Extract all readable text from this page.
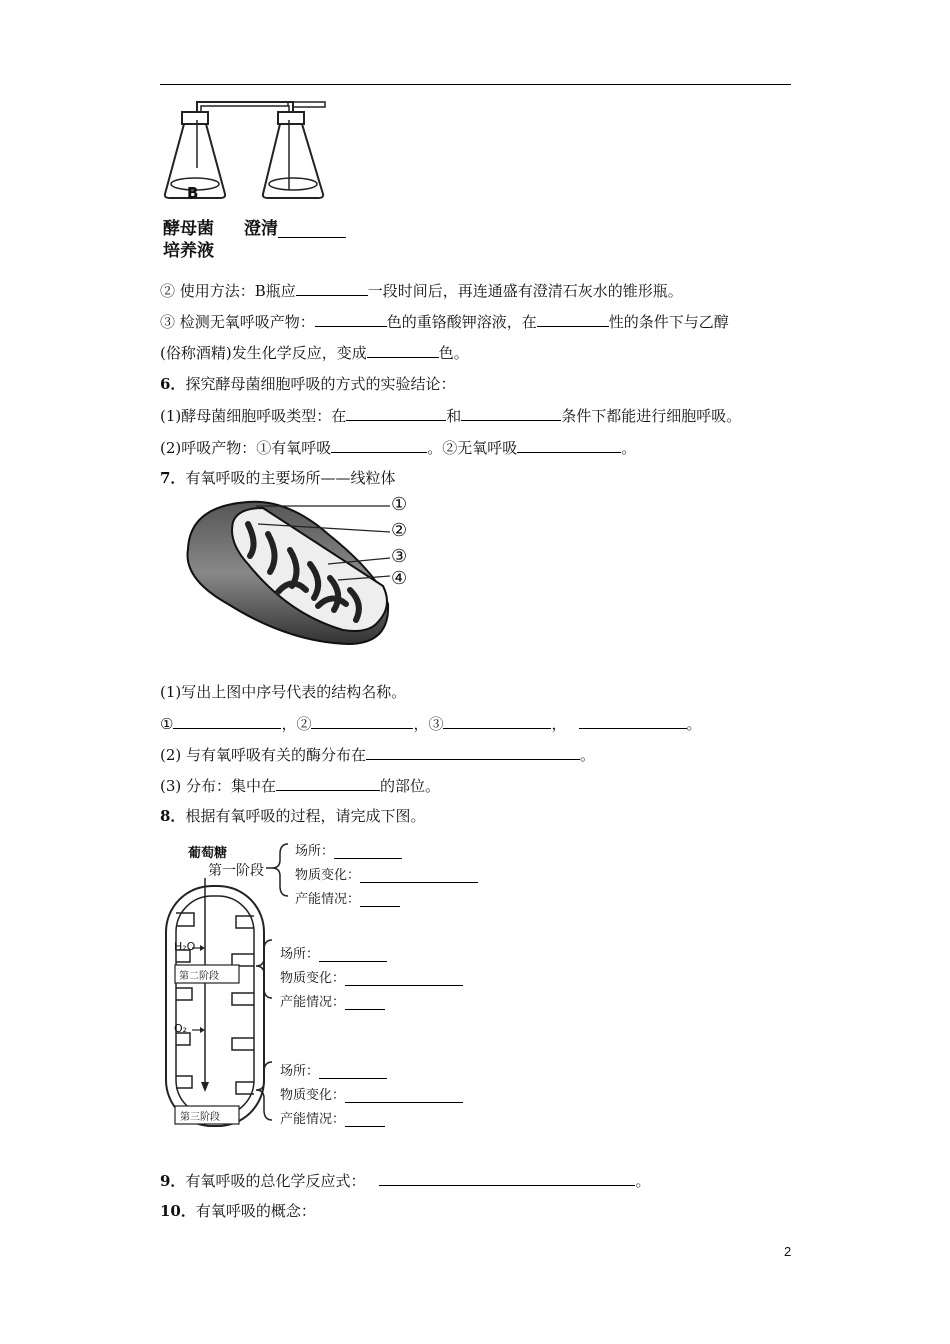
B
酵母菌
培养液
澄清
② 使用方法：B瓶应	一段时间后，再连通盛有澄清石灰水的锥形瓶。
③ 检测无氧呼吸产物：	色的重铬酸钾溶液，在	性的条件下与乙醇
(俗称酒精)发生化学反应，变成	色。
6．探究酵母菌细胞呼吸的方式的实验结论：
(1)酵母菌细胞呼吸类型：在	和	条件下都能进行细胞呼吸。
(2)呼吸产物：①有氧呼吸	。②无氧呼吸	。
7．有氧呼吸的主要场所——线粒体
①
②
③
④
(1)写出上图中序号代表的结构名称。
①	，②	，③	，	。
(2) 与有氧呼吸有关的酶分布在	。
(3) 分布：集中在	的部位。
8．根据有氧呼吸的过程，请完成下图。
葡萄糖
第一阶段
H₂O
第二阶段
O₂
第三阶段
场所：
物质变化：
产能情况：
场所：
物质变化：
产能情况：
场所：
物质变化：
产能情况：
9．有氧呼吸的总化学反应式：	。
10．有氧呼吸的概念：
2
